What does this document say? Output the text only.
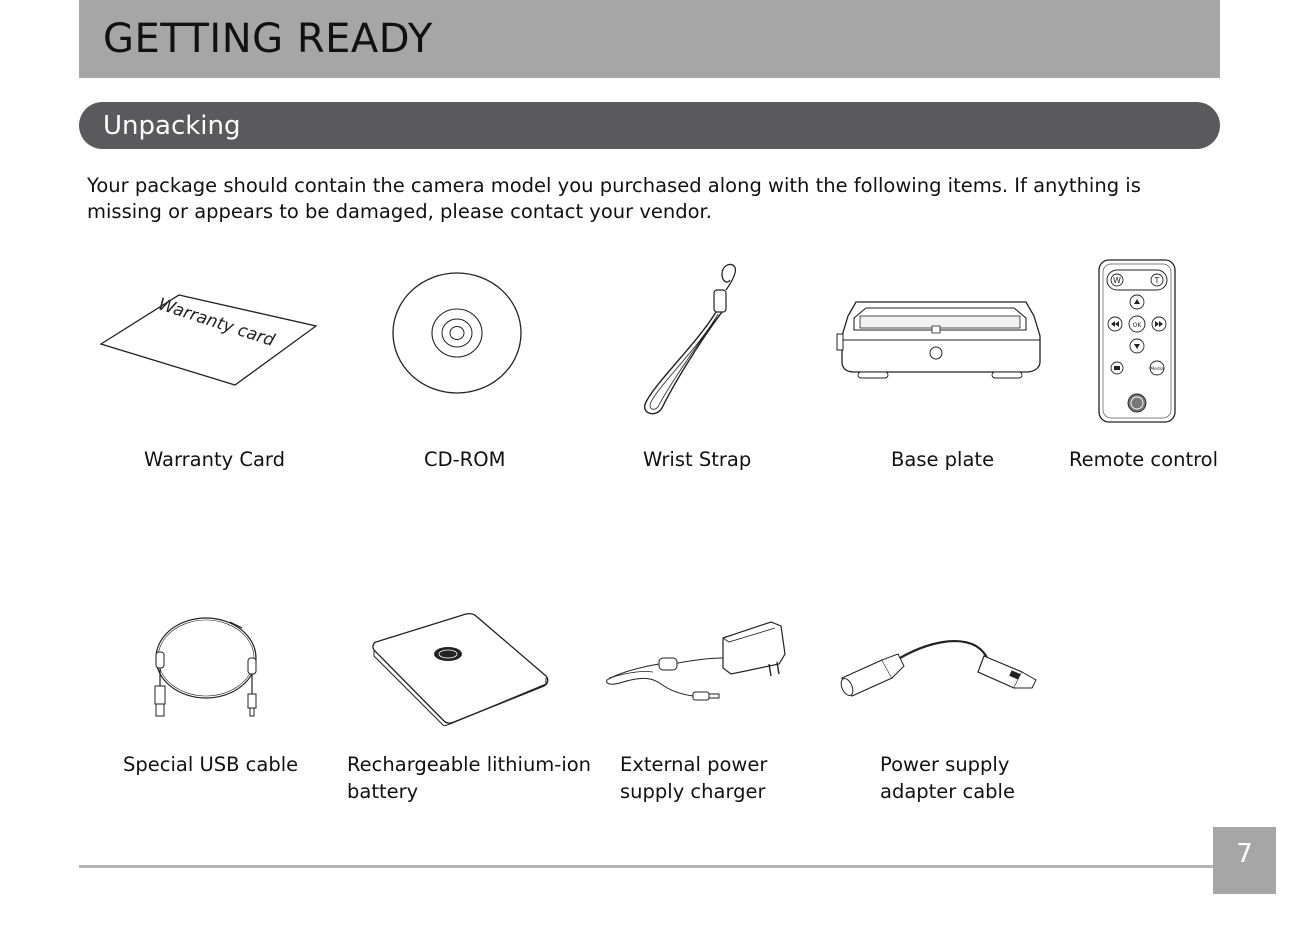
GETTING READY
Unpacking
Your package should contain the camera model you purchased along with the following items. If anything is missing or appears to be damaged, please contact your vendor.
Warranty card
Warranty Card	CD-ROM	Wrist Strap	Base plate
W	T
OK
Media
Remote control
Special USB cable	Rechargeable lithium-ion
battery
External power
supply charger
Power supply
adapter cable
7
